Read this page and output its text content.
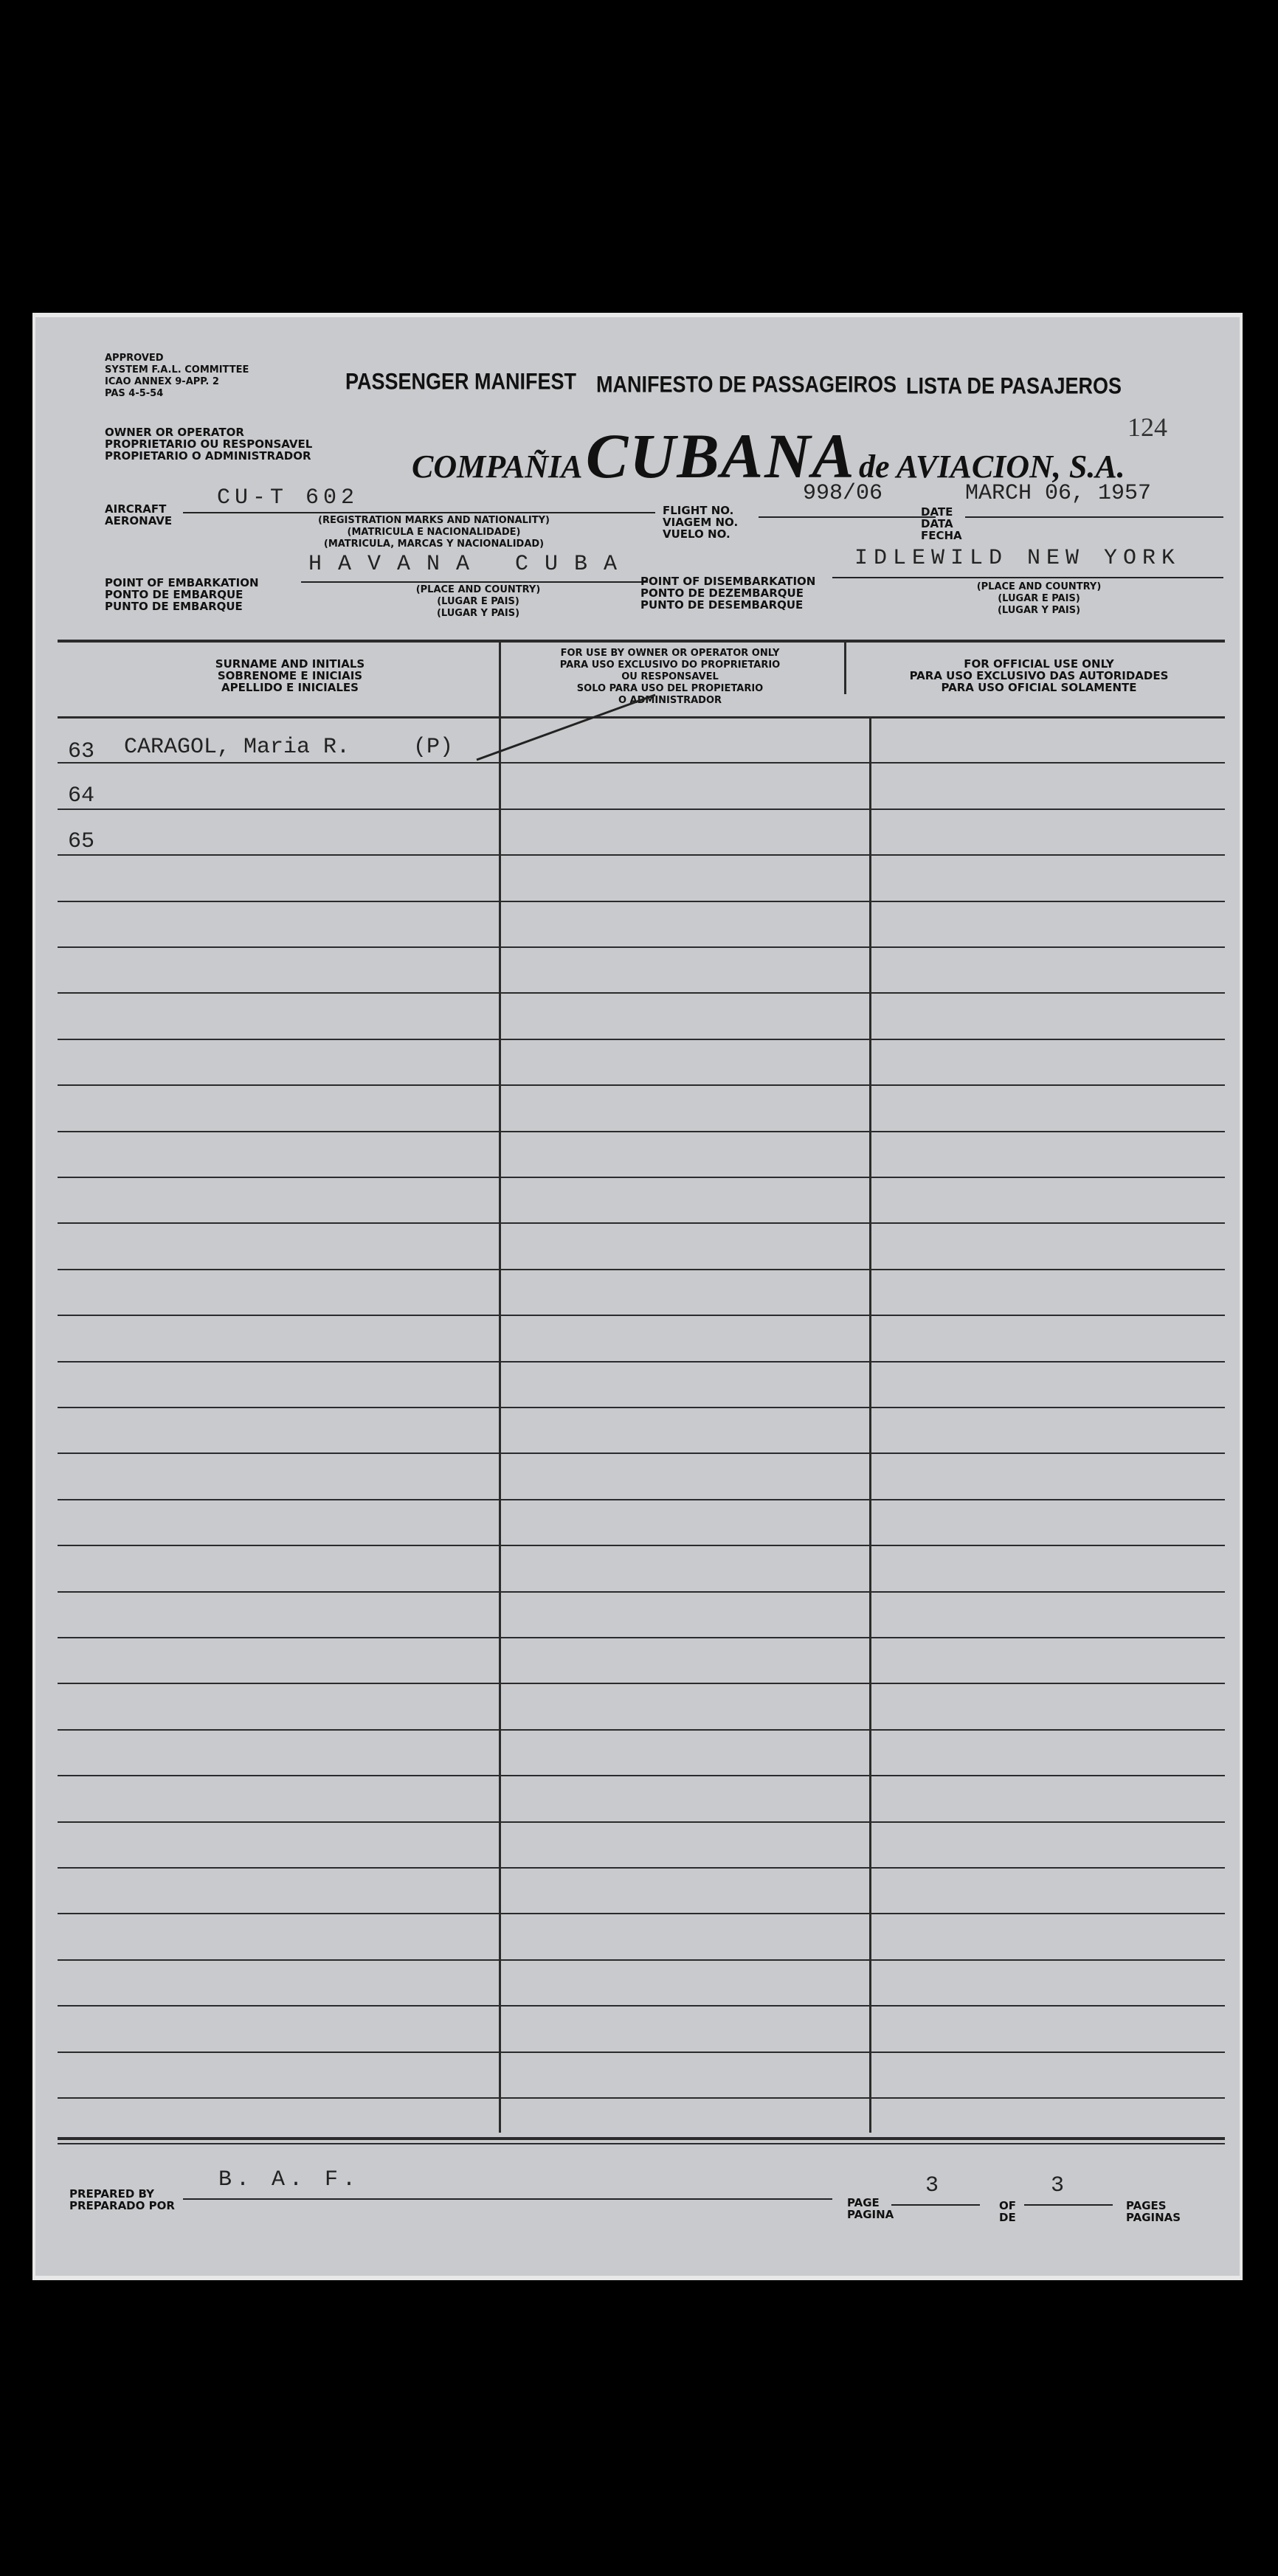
APPROVED
SYSTEM F.A.L. COMMITTEE
ICAO ANNEX 9-APP. 2
PAS 4-5-54	PASSENGER MANIFEST MANIFESTO DE PASSAGEIROS LISTA DE PASAJEROS
124
OWNER OR OPERATOR
PROPRIETARIO OU RESPONSAVEL
PROPIETARIO O ADMINISTRADOR	COMPAÑIA CUBANA de AVIACION, S.A.
AIRCRAFT
AERONAVE
CU-T 602
(REGISTRATION MARKS AND NATIONALITY)
(MATRICULA E NACIONALIDADE)
(MATRICULA, MARCAS Y NACIONALIDAD)
FLIGHT NO.
VIAGEM NO.
VUELO NO.
998/06
DATE
DATA
FECHA
MARCH 06, 1957
POINT OF EMBARKATION
PONTO DE EMBARQUE
PUNTO DE EMBARQUE
HAVANA CUBA
(PLACE AND COUNTRY)
(LUGAR E PAIS)
(LUGAR Y PAIS)
POINT OF DISEMBARKATION
PONTO DE DEZEMBARQUE
PUNTO DE DESEMBARQUE
IDLEWILD NEW YORK
(PLACE AND COUNTRY)
(LUGAR E PAIS)
(LUGAR Y PAIS)
SURNAME AND INITIALS
SOBRENOME E INICIAIS
APELLIDO E INICIALES
FOR USE BY OWNER OR OPERATOR ONLY
PARA USO EXCLUSIVO DO PROPRIETARIO
OU RESPONSAVEL
SOLO PARA USO DEL PROPIETARIO
O ADMINISTRADOR
FOR OFFICIAL USE ONLY
PARA USO EXCLUSIVO DAS AUTORIDADES
PARA USO OFICIAL SOLAMENTE
63 CARAGOL, Maria R.	(P)
64
65
PREPARED BY
PREPARADO POR
B. A. F.
PAGE
PAGINA
3
OF
DE
3
PAGES
PAGINAS
